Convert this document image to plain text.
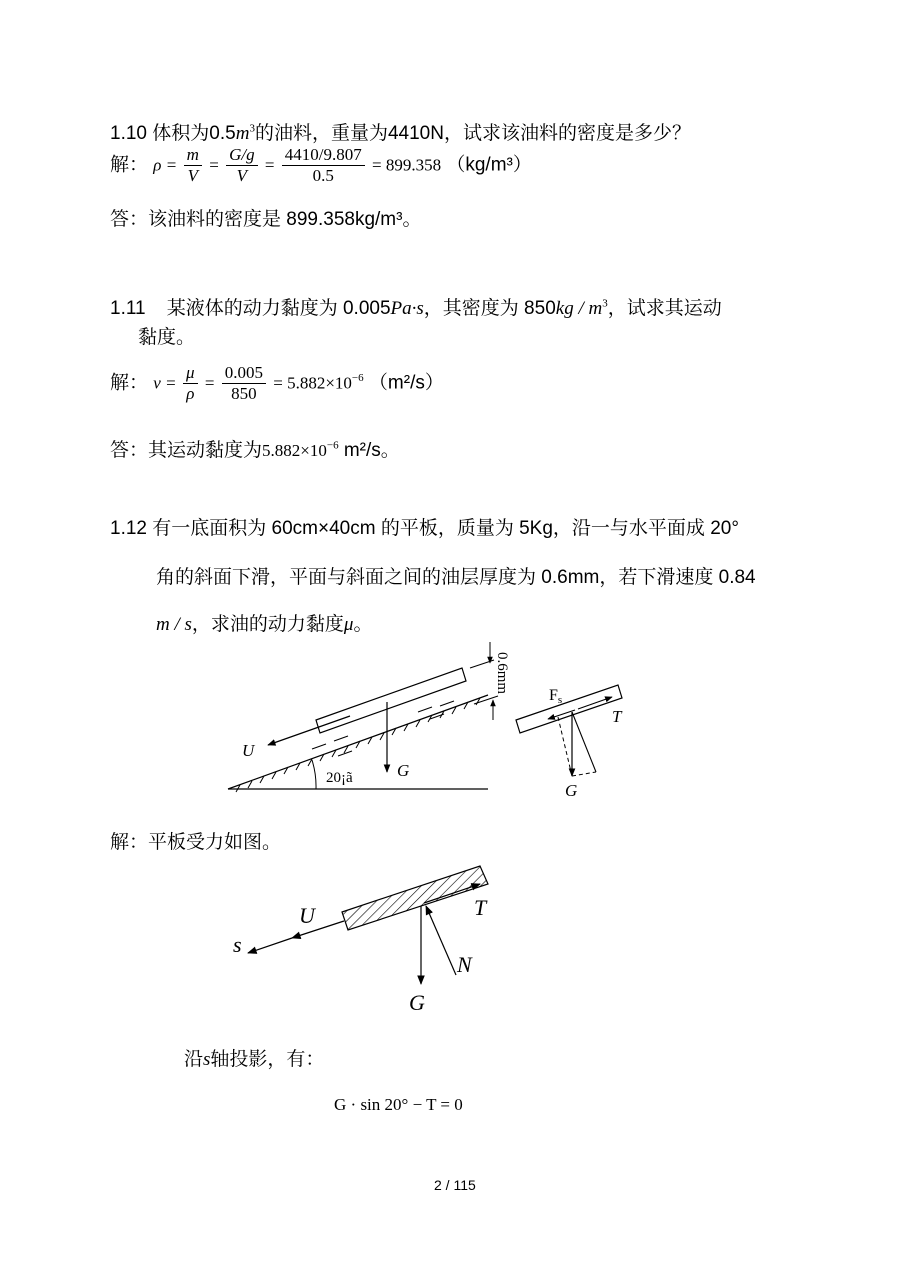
1.10 体积为$0.5m^3$的油料，重量为4410N，试求该油料的密度是多少？
解： $\rho = \frac{m}{V} = \frac{G/g}{V} = \frac{4410/9.807}{0.5} = 899.358$ （kg/m³）
答：该油料的密度是 899.358kg/m³。
1.11 某液体的动力黏度为 0.005Pa·s，其密度为 $850kg / m^3$，试求其运动
黏度。
解： $\nu = \frac{\mu}{\rho} = \frac{0.005}{850} = 5.882\times 10^{-6}$ （m²/s）
答：其运动黏度为$5.882\times 10^{-6}$ m²/s。
1.12 有一底面积为 60cm×40cm 的平板，质量为 5Kg，沿一与水平面成 20°
角的斜面下滑，平面与斜面之间的油层厚度为 0.6mm，若下滑速度 0.84
m / s，求油的动力黏度μ。
0.6mm
U
G
20¡ã
Fs
T
G
解：平板受力如图。
U
s
T
N
G
沿s轴投影，有：
G · sin 20° − T = 0
2 / 115
